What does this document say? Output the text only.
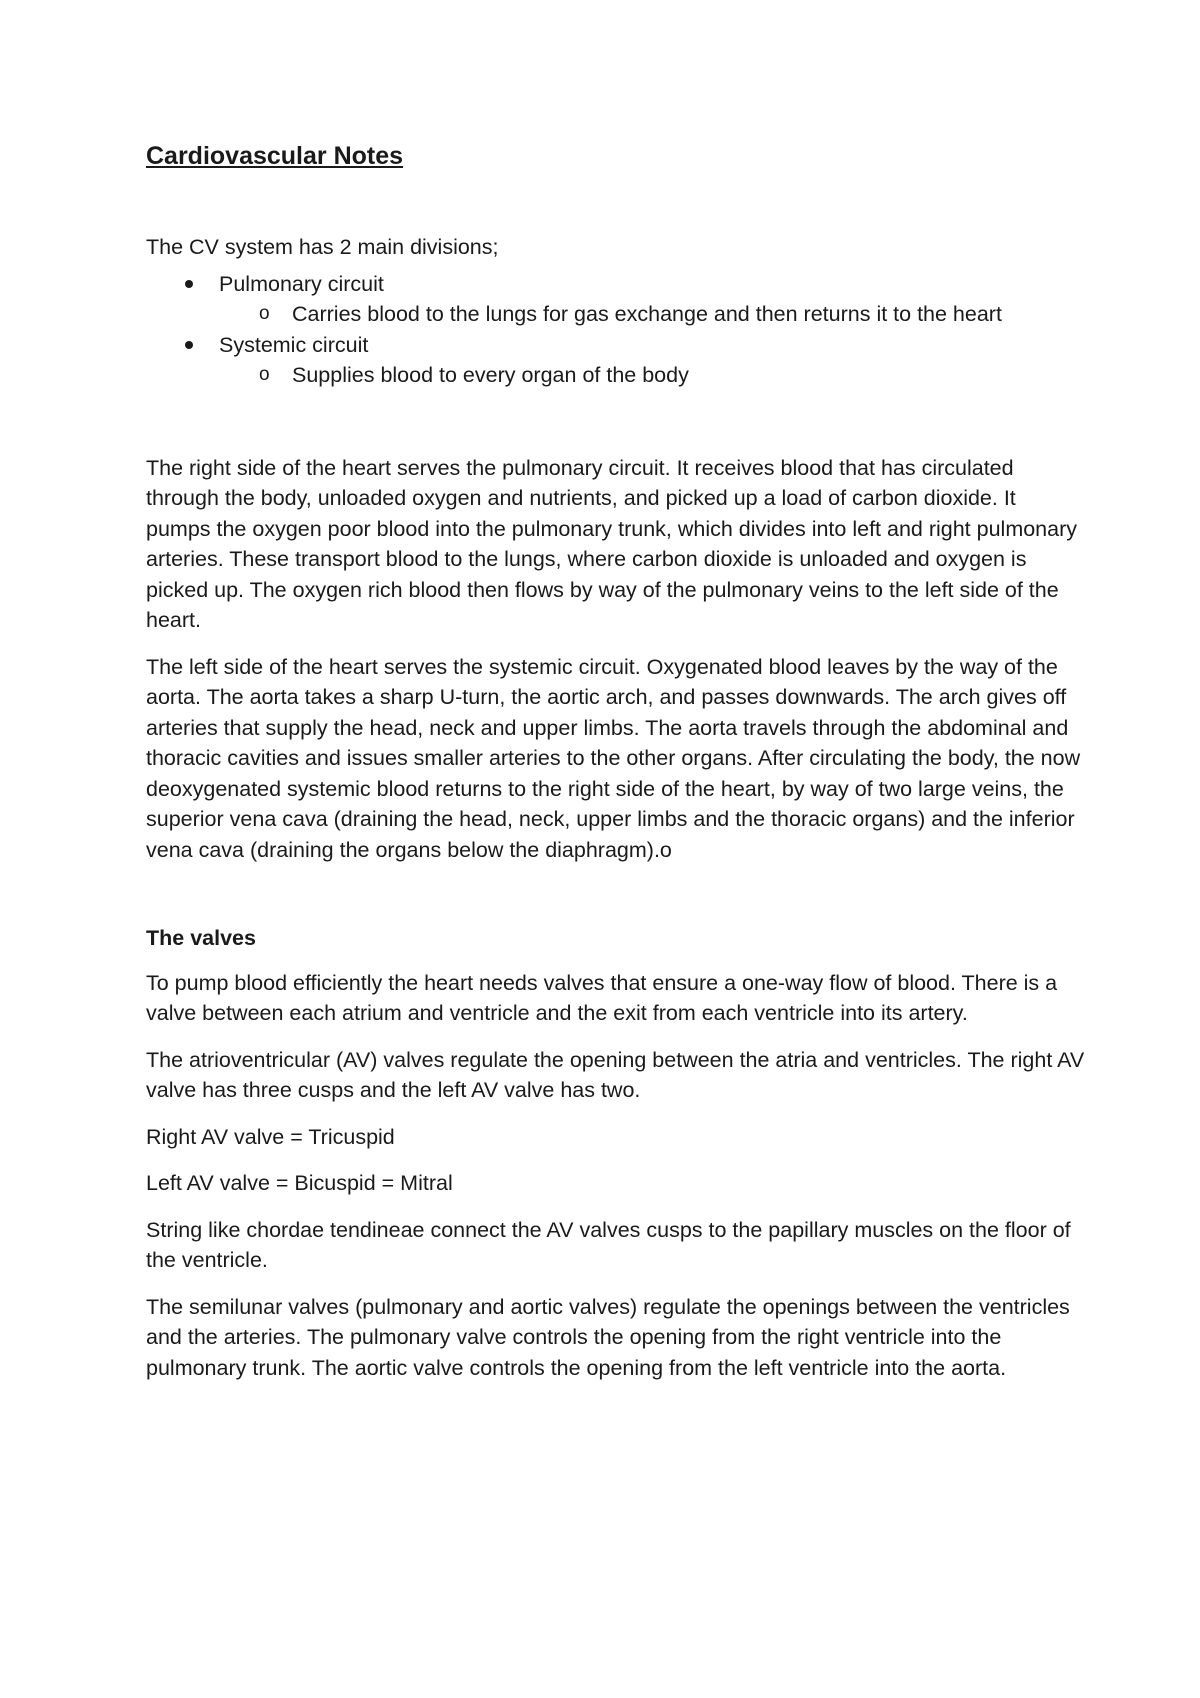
Cardiovascular Notes

The CV system has 2 main divisions;

Pulmonary circuit
o Carries blood to the lungs for gas exchange and then returns it to the heart
Systemic circuit
o Supplies blood to every organ of the body

The right side of the heart serves the pulmonary circuit. It receives blood that has circulated through the body, unloaded oxygen and nutrients, and picked up a load of carbon dioxide. It pumps the oxygen poor blood into the pulmonary trunk, which divides into left and right pulmonary arteries. These transport blood to the lungs, where carbon dioxide is unloaded and oxygen is picked up. The oxygen rich blood then flows by way of the pulmonary veins to the left side of the heart.

The left side of the heart serves the systemic circuit. Oxygenated blood leaves by the way of the aorta. The aorta takes a sharp U-turn, the aortic arch, and passes downwards. The arch gives off arteries that supply the head, neck and upper limbs. The aorta travels through the abdominal and thoracic cavities and issues smaller arteries to the other organs. After circulating the body, the now deoxygenated systemic blood returns to the right side of the heart, by way of two large veins, the superior vena cava (draining the head, neck, upper limbs and the thoracic organs) and the inferior vena cava (draining the organs below the diaphragm).o

The valves

To pump blood efficiently the heart needs valves that ensure a one-way flow of blood. There is a valve between each atrium and ventricle and the exit from each ventricle into its artery.

The atrioventricular (AV) valves regulate the opening between the atria and ventricles. The right AV valve has three cusps and the left AV valve has two.

Right AV valve = Tricuspid

Left AV valve = Bicuspid = Mitral

String like chordae tendineae connect the AV valves cusps to the papillary muscles on the floor of the ventricle.

The semilunar valves (pulmonary and aortic valves) regulate the openings between the ventricles and the arteries. The pulmonary valve controls the opening from the right ventricle into the pulmonary trunk. The aortic valve controls the opening from the left ventricle into the aorta.
